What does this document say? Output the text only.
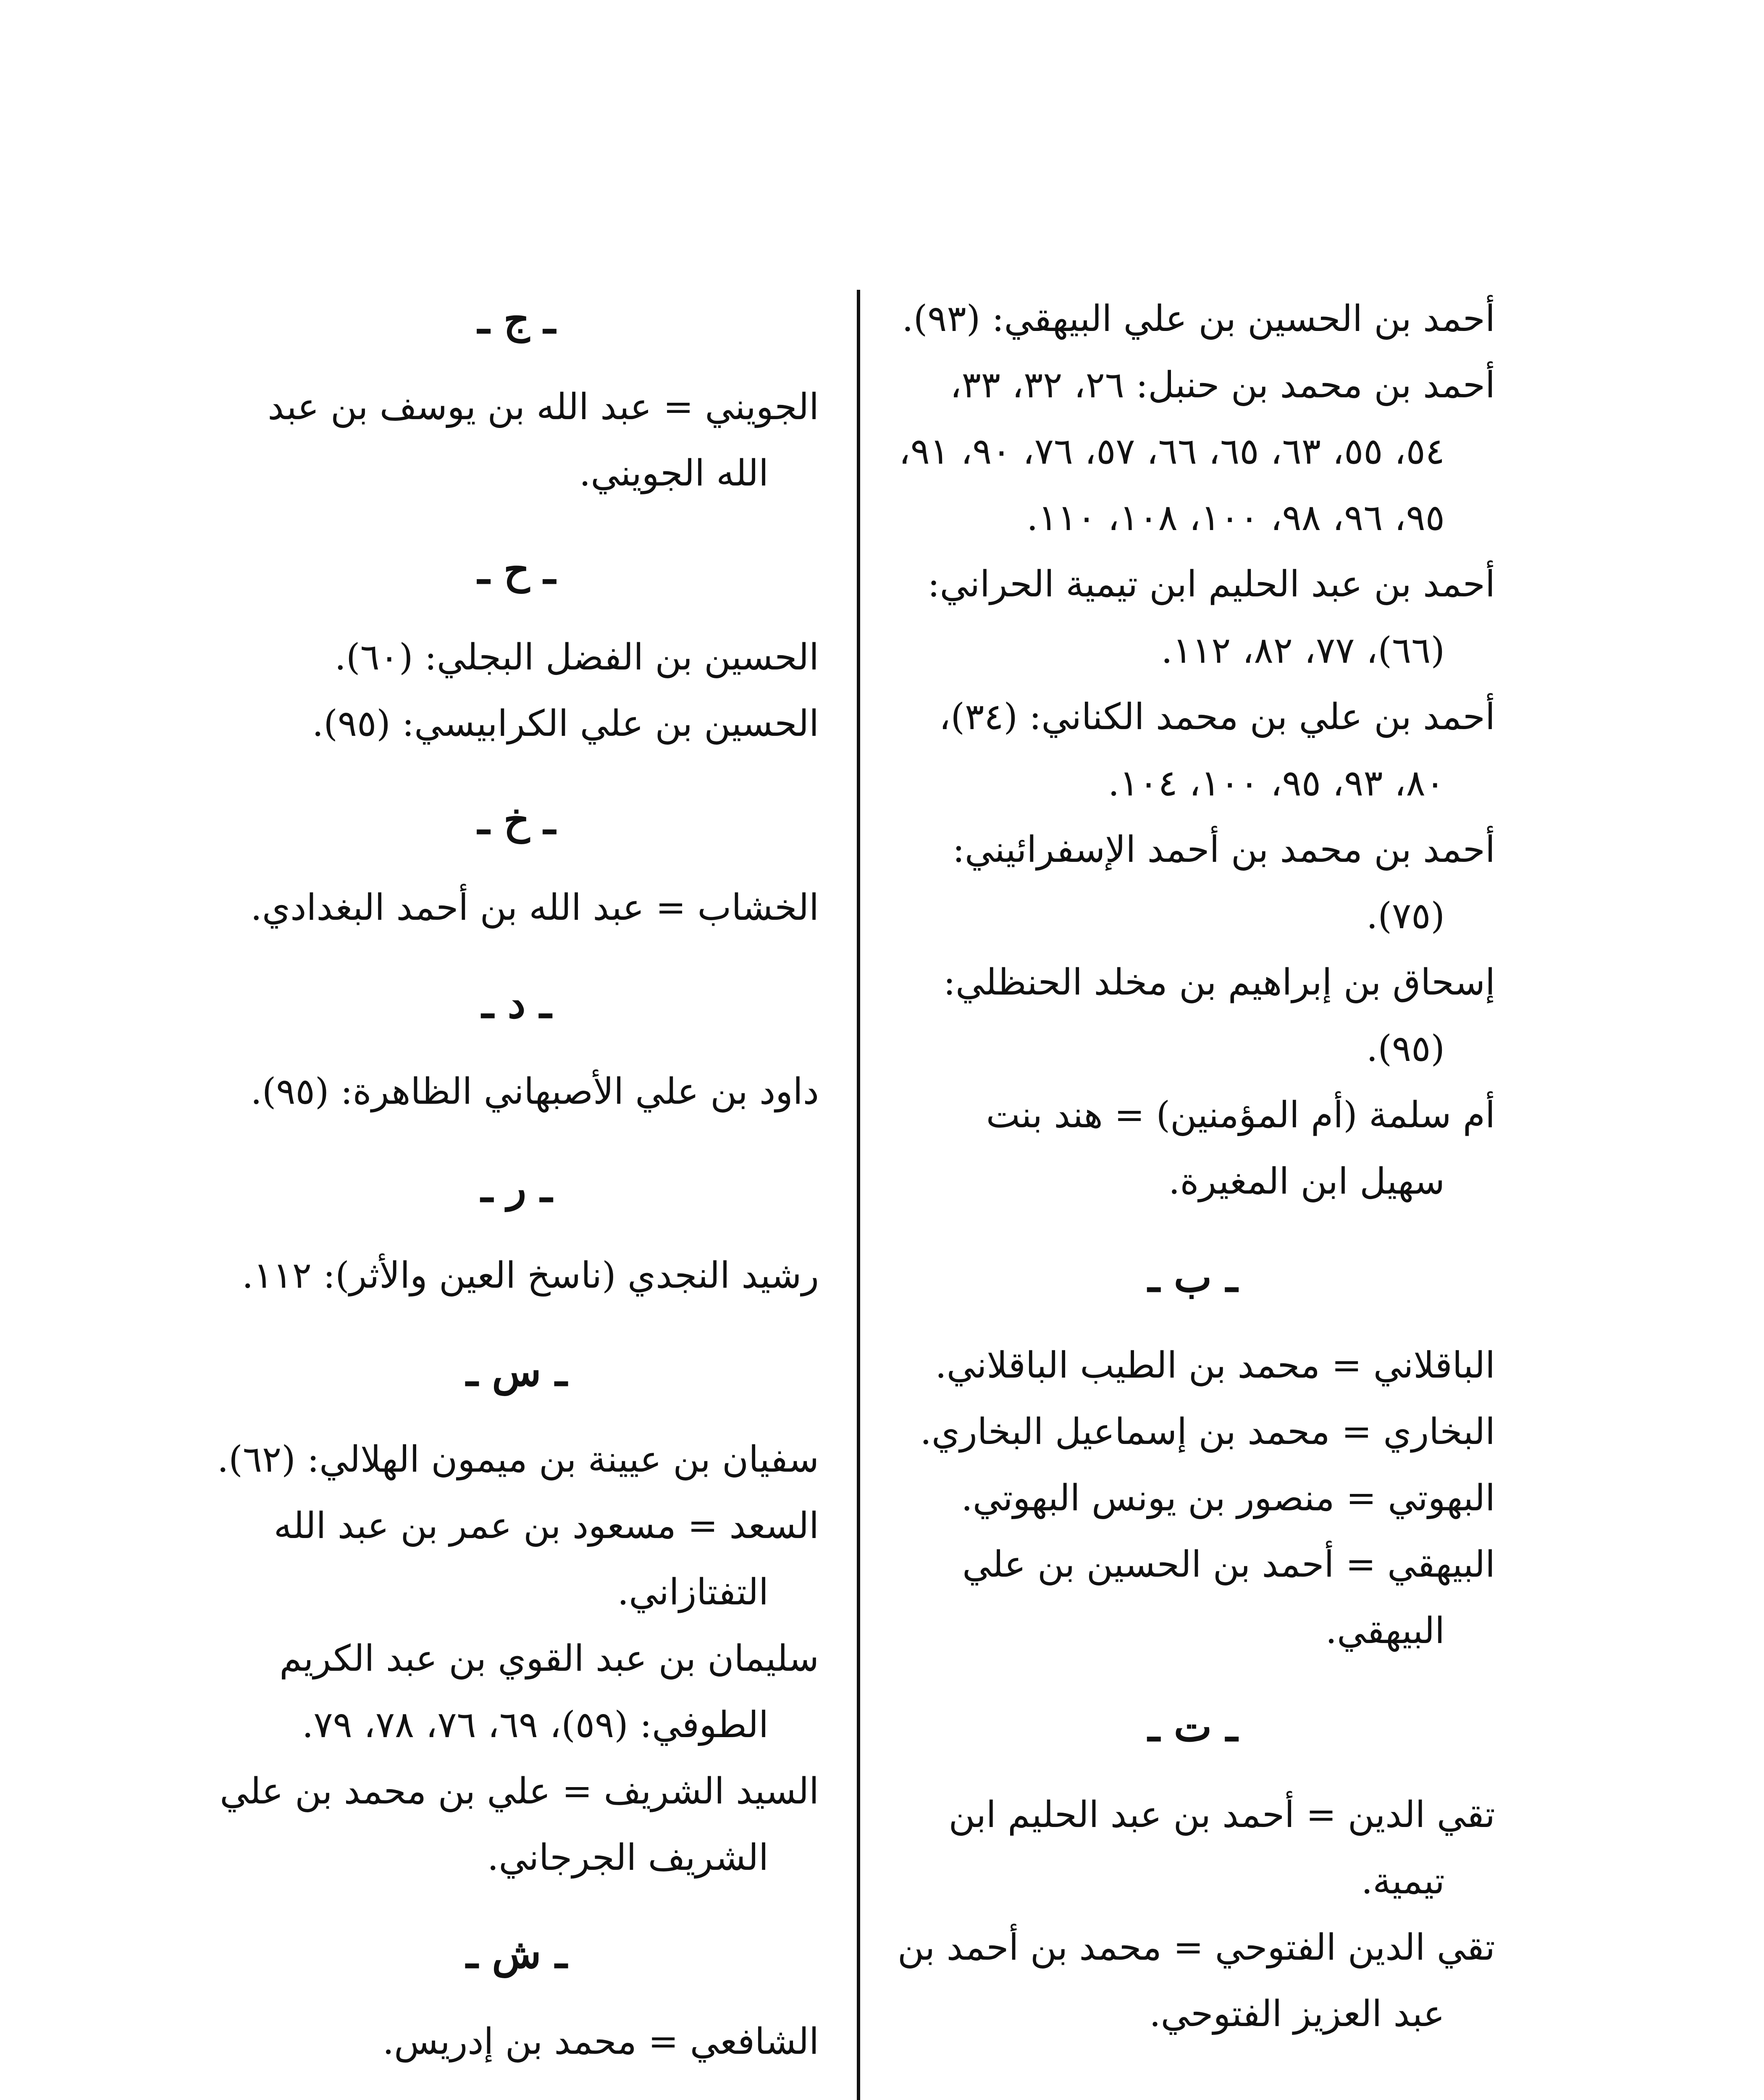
أحمد بن الحسين بن علي البيهقي: (٩٣).

أحمد بن محمد بن حنبل: ٢٦، ٣٢، ٣٣، ٥٤، ٥٥، ٦٣، ٦٥، ٦٦، ٥٧، ٧٦، ٩٠، ٩١، ٩٥، ٩٦، ٩٨، ١٠٠، ١٠٨، ١١٠.

أحمد بن عبد الحليم ابن تيمية الحراني: (٦٦)، ٧٧، ٨٢، ١١٢.

أحمد بن علي بن محمد الكناني: (٣٤)، ٨٠، ٩٣، ٩٥، ١٠٠، ١٠٤.

أحمد بن محمد بن أحمد الإسفرائيني: (٧٥).

إسحاق بن إبراهيم بن مخلد الحنظلي: (٩٥).

أم سلمة (أم المؤمنين) = هند بنت سهيل ابن المغيرة.

ـ ب ـ

الباقلاني = محمد بن الطيب الباقلاني.

البخاري = محمد بن إسماعيل البخاري.

البهوتي = منصور بن يونس البهوتي.

البيهقي = أحمد بن الحسين بن علي البيهقي.

ـ ت ـ

تقي الدين = أحمد بن عبد الحليم ابن تيمية.

تقي الدين الفتوحي = محمد بن أحمد بن عبد العزيز الفتوحي.

ـ ج ـ

الجويني = عبد الله بن يوسف بن عبد الله الجويني.

ـ ح ـ

الحسين بن الفضل البجلي: (٦٠).

الحسين بن علي الكرابيسي: (٩٥).

ـ خ ـ

الخشاب = عبد الله بن أحمد البغدادي.

ـ د ـ

داود بن علي الأصبهاني الظاهرة: (٩٥).

ـ ر ـ

رشيد النجدي (ناسخ العين والأثر): ١١٢.

ـ س ـ

سفيان بن عيينة بن ميمون الهلالي: (٦٢).

السعد = مسعود بن عمر بن عبد الله التفتازاني.

سليمان بن عبد القوي بن عبد الكريم الطوفي: (٥٩)، ٦٩، ٧٦، ٧٨، ٧٩.

السيد الشريف = علي بن محمد بن علي الشريف الجرجاني.

ـ ش ـ

الشافعي = محمد بن إدريس.
